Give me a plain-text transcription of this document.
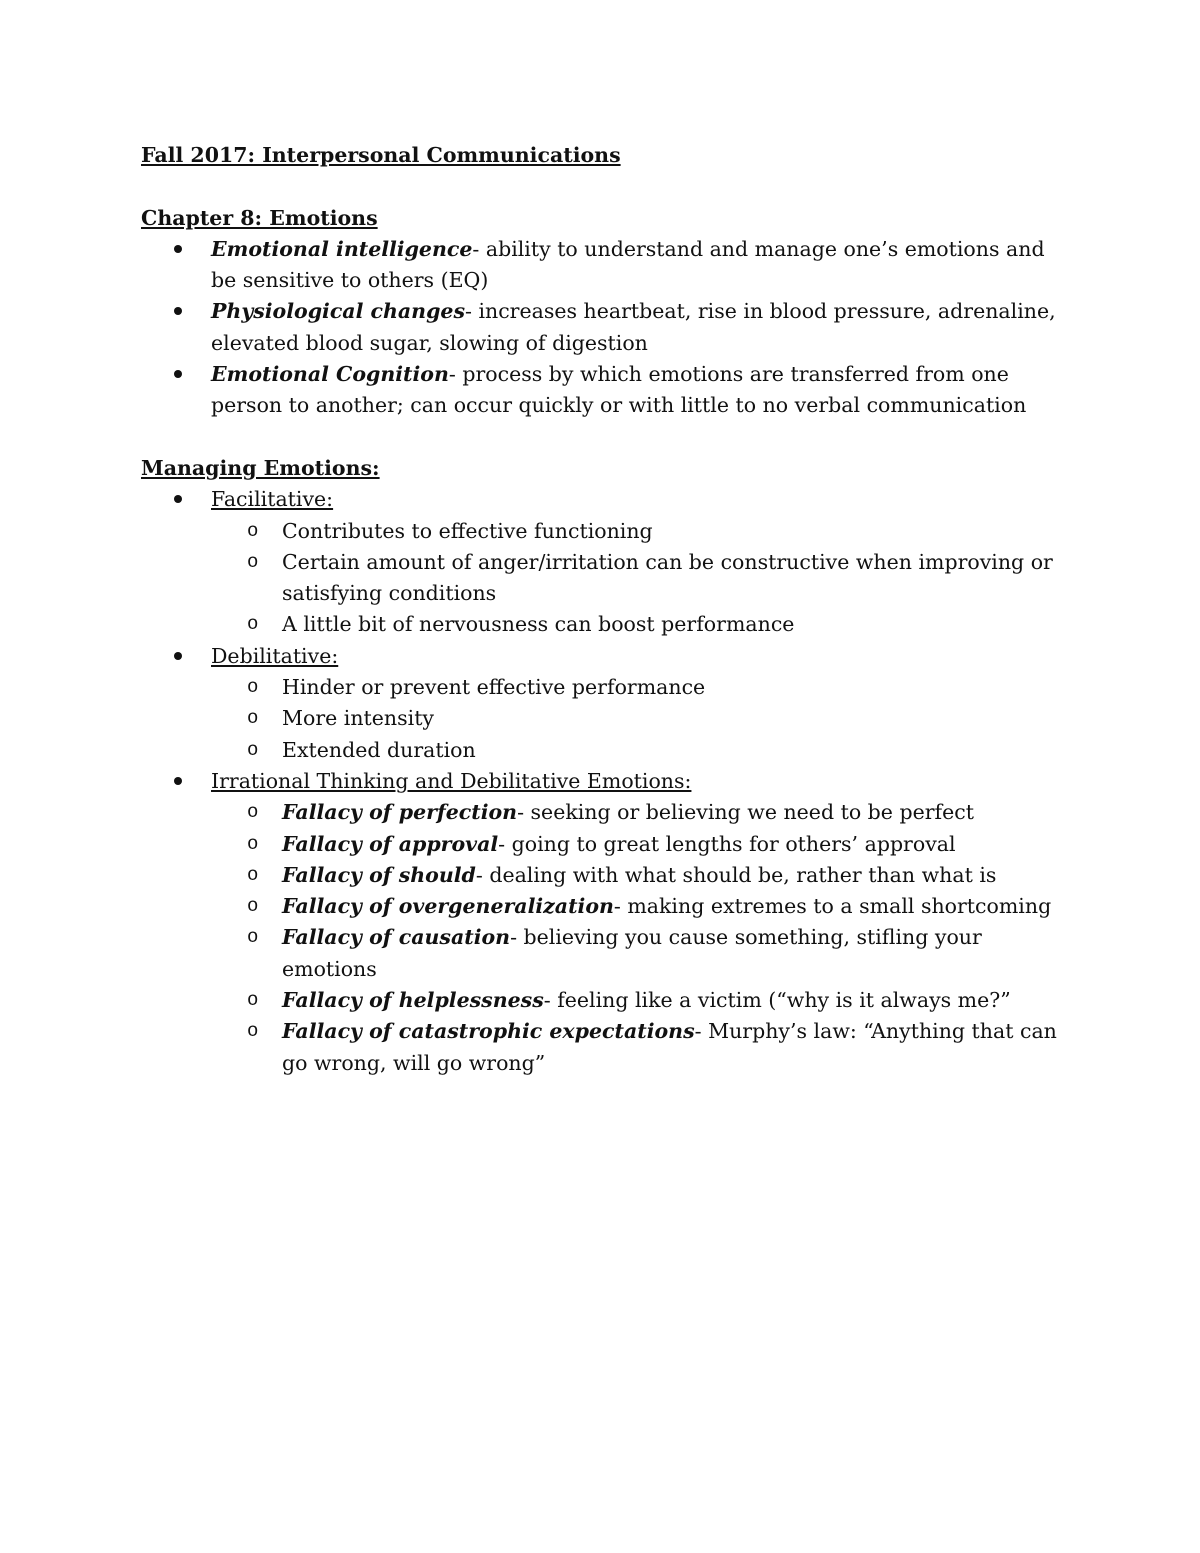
Fall 2017: Interpersonal Communications
Chapter 8: Emotions
Emotional intelligence- ability to understand and manage one’s emotions and be sensitive to others (EQ)
Physiological changes- increases heartbeat, rise in blood pressure, adrenaline, elevated blood sugar, slowing of digestion
Emotional Cognition- process by which emotions are transferred from one person to another; can occur quickly or with little to no verbal communication
Managing Emotions:
Facilitative:
o Contributes to effective functioning
o Certain amount of anger/irritation can be constructive when improving or satisfying conditions
o A little bit of nervousness can boost performance
Debilitative:
o Hinder or prevent effective performance
o More intensity
o Extended duration
Irrational Thinking and Debilitative Emotions:
o Fallacy of perfection- seeking or believing we need to be perfect
o Fallacy of approval- going to great lengths for others’ approval
o Fallacy of should- dealing with what should be, rather than what is
o Fallacy of overgeneralization- making extremes to a small shortcoming
o Fallacy of causation- believing you cause something, stifling your emotions
o Fallacy of helplessness- feeling like a victim (“why is it always me?”
o Fallacy of catastrophic expectations- Murphy’s law: “Anything that can go wrong, will go wrong”
